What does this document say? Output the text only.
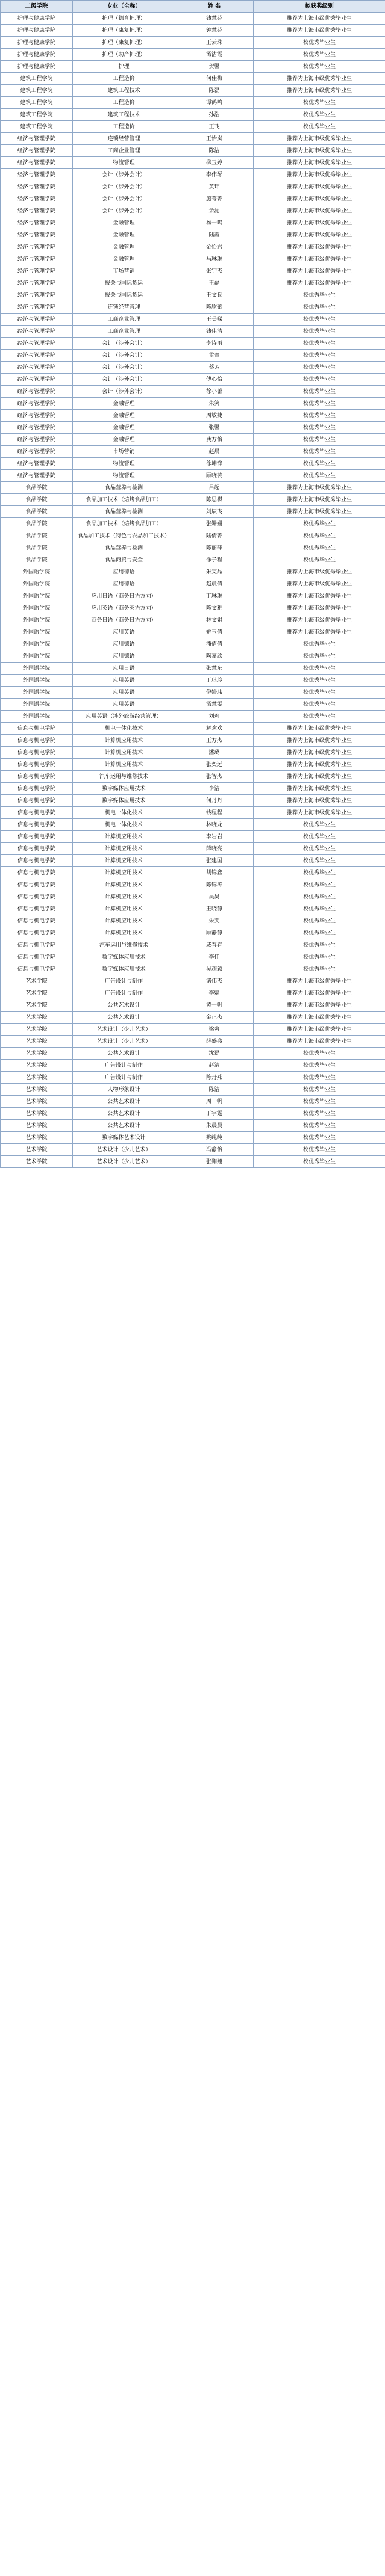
二级学院	专业（全称）	姓 名	拟获奖级别
护理与健康学院	护理（德育护理）	钱慧芬	推荐为上海市级优秀毕业生
护理与健康学院	护理（康复护理）	钟慧芬	推荐为上海市级优秀毕业生
护理与健康学院	护理（康复护理）	王云珠	校优秀毕业生
护理与健康学院	护理（助产护理）	汤洁霞	校优秀毕业生
护理与健康学院	护理	贺馨	校优秀毕业生
建筑工程学院	工程造价	何佳梅	推荐为上海市级优秀毕业生
建筑工程学院	建筑工程技术	陈磊	推荐为上海市级优秀毕业生
建筑工程学院	工程造价	谭鹤鸣	校优秀毕业生
建筑工程学院	建筑工程技术	孙浩	校优秀毕业生
建筑工程学院	工程造价	王飞	校优秀毕业生
经济与管理学院	连锁经营管理	王怡岚	推荐为上海市级优秀毕业生
经济与管理学院	工商企业管理	陈洁	推荐为上海市级优秀毕业生
经济与管理学院	物流管理	柳玉婷	推荐为上海市级优秀毕业生
经济与管理学院	会计（涉外会计）	李伟琴	推荐为上海市级优秀毕业生
经济与管理学院	会计（涉外会计）	黄玮	推荐为上海市级优秀毕业生
经济与管理学院	会计（涉外会计）	施菁菁	推荐为上海市级优秀毕业生
经济与管理学院	会计（涉外会计）	余沁	推荐为上海市级优秀毕业生
经济与管理学院	金融管理	杨一鸣	推荐为上海市级优秀毕业生
经济与管理学院	金融管理	陆霞	推荐为上海市级优秀毕业生
经济与管理学院	金融管理	金怡君	推荐为上海市级优秀毕业生
经济与管理学院	金融管理	马琳琳	推荐为上海市级优秀毕业生
经济与管理学院	市场营销	张宇杰	推荐为上海市级优秀毕业生
经济与管理学院	报关与国际货运	王磊	推荐为上海市级优秀毕业生
经济与管理学院	报关与国际货运	王文良	校优秀毕业生
经济与管理学院	连锁经营管理	陈欣蕾	校优秀毕业生
经济与管理学院	工商企业管理	王美娣	校优秀毕业生
经济与管理学院	工商企业管理	钱佳洁	校优秀毕业生
经济与管理学院	会计（涉外会计）	李诗雨	校优秀毕业生
经济与管理学院	会计（涉外会计）	孟菁	校优秀毕业生
经济与管理学院	会计（涉外会计）	蔡芳	校优秀毕业生
经济与管理学院	会计（涉外会计）	傅心怡	校优秀毕业生
经济与管理学院	会计（涉外会计）	徐小蕾	校优秀毕业生
经济与管理学院	金融管理	朱笑	校优秀毕业生
经济与管理学院	金融管理	周敏婕	校优秀毕业生
经济与管理学院	金融管理	张馨	校优秀毕业生
经济与管理学院	金融管理	龚方怡	校优秀毕业生
经济与管理学院	市场营销	赵晨	校优秀毕业生
经济与管理学院	物流管理	徐坤锋	校优秀毕业生
经济与管理学院	物流管理	顾晓芸	校优秀毕业生
食品学院	食品营养与检测	吕超	推荐为上海市级优秀毕业生
食品学院	食品加工技术（焙烤食品加工）	陈思祺	推荐为上海市级优秀毕业生
食品学院	食品营养与检测	刘辰飞	推荐为上海市级优秀毕业生
食品学院	食品加工技术（焙烤食品加工）	张姗姗	校优秀毕业生
食品学院	食品加工技术（特色与农品加工技术）	陆倩菁	校优秀毕业生
食品学院	食品营养与检测	陈丽萍	校优秀毕业生
食品学院	食品商贸与安全	徐子程	校优秀毕业生
外国语学院	应用德语	朱雯晶	推荐为上海市级优秀毕业生
外国语学院	应用德语	赵晨倩	推荐为上海市级优秀毕业生
外国语学院	应用日语（商务日语方向）	丁琳琳	推荐为上海市级优秀毕业生
外国语学院	应用英语（商务英语方向）	陈文雅	推荐为上海市级优秀毕业生
外国语学院	商务日语（商务日语方向）	林文娟	推荐为上海市级优秀毕业生
外国语学院	应用英语	姚玉倩	推荐为上海市级优秀毕业生
外国语学院	应用德语	潘倩倩	校优秀毕业生
外国语学院	应用德语	陶嘉欣	校优秀毕业生
外国语学院	应用日语	张慧东	校优秀毕业生
外国语学院	应用英语	丁琪玲	校优秀毕业生
外国语学院	应用英语	倪婷玮	校优秀毕业生
外国语学院	应用英语	汤慧雯	校优秀毕业生
外国语学院	应用英语（涉外旅游经营管理）	刘莉	校优秀毕业生
信息与机电学院	机电一体化技术	解欢欢	推荐为上海市级优秀毕业生
信息与机电学院	计算机应用技术	王方杰	推荐为上海市级优秀毕业生
信息与机电学院	计算机应用技术	潘璐	推荐为上海市级优秀毕业生
信息与机电学院	计算机应用技术	张奕远	推荐为上海市级优秀毕业生
信息与机电学院	汽车运用与维修技术	张智杰	推荐为上海市级优秀毕业生
信息与机电学院	数字媒体应用技术	李洁	推荐为上海市级优秀毕业生
信息与机电学院	数字媒体应用技术	何丹丹	推荐为上海市级优秀毕业生
信息与机电学院	机电一体化技术	钱程程	推荐为上海市级优秀毕业生
信息与机电学院	机电一体化技术	林晓龙	校优秀毕业生
信息与机电学院	计算机应用技术	李岩岩	校优秀毕业生
信息与机电学院	计算机应用技术	薛晓亮	校优秀毕业生
信息与机电学院	计算机应用技术	张建国	校优秀毕业生
信息与机电学院	计算机应用技术	胡锦鑫	校优秀毕业生
信息与机电学院	计算机应用技术	陈锦涛	校优秀毕业生
信息与机电学院	计算机应用技术	吴昊	校优秀毕业生
信息与机电学院	计算机应用技术	王晓静	校优秀毕业生
信息与机电学院	计算机应用技术	朱雯	校优秀毕业生
信息与机电学院	计算机应用技术	顾静静	校优秀毕业生
信息与机电学院	汽车运用与维修技术	戚春春	校优秀毕业生
信息与机电学院	数字媒体应用技术	李佳	校优秀毕业生
信息与机电学院	数字媒体应用技术	吴超颖	校优秀毕业生
艺术学院	广告设计与制作	诸伟杰	推荐为上海市级优秀毕业生
艺术学院	广告设计与制作	李嫱	推荐为上海市级优秀毕业生
艺术学院	公共艺术设计	黄一帆	推荐为上海市级优秀毕业生
艺术学院	公共艺术设计	金正杰	推荐为上海市级优秀毕业生
艺术学院	艺术设计（少儿艺术）	梁爽	推荐为上海市级优秀毕业生
艺术学院	艺术设计（少儿艺术）	薛盛盛	推荐为上海市级优秀毕业生
艺术学院	公共艺术设计	沈磊	校优秀毕业生
艺术学院	广告设计与制作	赵洁	校优秀毕业生
艺术学院	广告设计与制作	陈丹燕	校优秀毕业生
艺术学院	人物形象设计	陈洁	校优秀毕业生
艺术学院	公共艺术设计	周一帆	校优秀毕业生
艺术学院	公共艺术设计	丁宇霆	校优秀毕业生
艺术学院	公共艺术设计	朱晨晨	校优秀毕业生
艺术学院	数字媒体艺术设计	姚纯纯	校优秀毕业生
艺术学院	艺术设计（少儿艺术）	冯静怡	校优秀毕业生
艺术学院	艺术设计（少儿艺术）	张翔翔	校优秀毕业生
